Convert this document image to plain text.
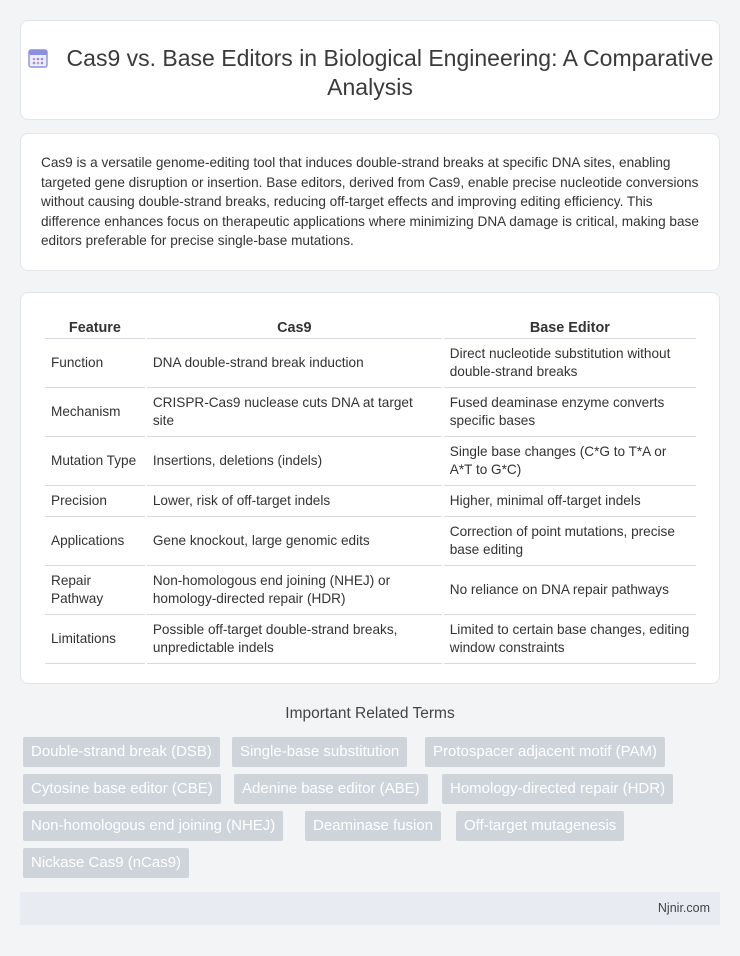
Cas9 vs. Base Editors in Biological Engineering: A Comparative Analysis

Cas9 is a versatile genome-editing tool that induces double-strand breaks at specific DNA sites, enabling targeted gene disruption or insertion. Base editors, derived from Cas9, enable precise nucleotide conversions without causing double-strand breaks, reducing off-target effects and improving editing efficiency. This difference enhances focus on therapeutic applications where minimizing DNA damage is critical, making base editors preferable for precise single-base mutations.

Feature	Cas9	Base Editor
Function	DNA double-strand break induction	Direct nucleotide substitution without double-strand breaks
Mechanism	CRISPR-Cas9 nuclease cuts DNA at target site	Fused deaminase enzyme converts specific bases
Mutation Type	Insertions, deletions (indels)	Single base changes (C*G to T*A or A*T to G*C)
Precision	Lower, risk of off-target indels	Higher, minimal off-target indels
Applications	Gene knockout, large genomic edits	Correction of point mutations, precise base editing
Repair Pathway	Non-homologous end joining (NHEJ) or homology-directed repair (HDR)	No reliance on DNA repair pathways
Limitations	Possible off-target double-strand breaks, unpredictable indels	Limited to certain base changes, editing window constraints
Important Related Terms
Double-strand break (DSB)	Single-base substitution	Protospacer adjacent motif (PAM)
Cytosine base editor (CBE)	Adenine base editor (ABE)	Homology-directed repair (HDR)
Non-homologous end joining (NHEJ)	Deaminase fusion	Off-target mutagenesis
Nickase Cas9 (nCas9)
Njnir.com
